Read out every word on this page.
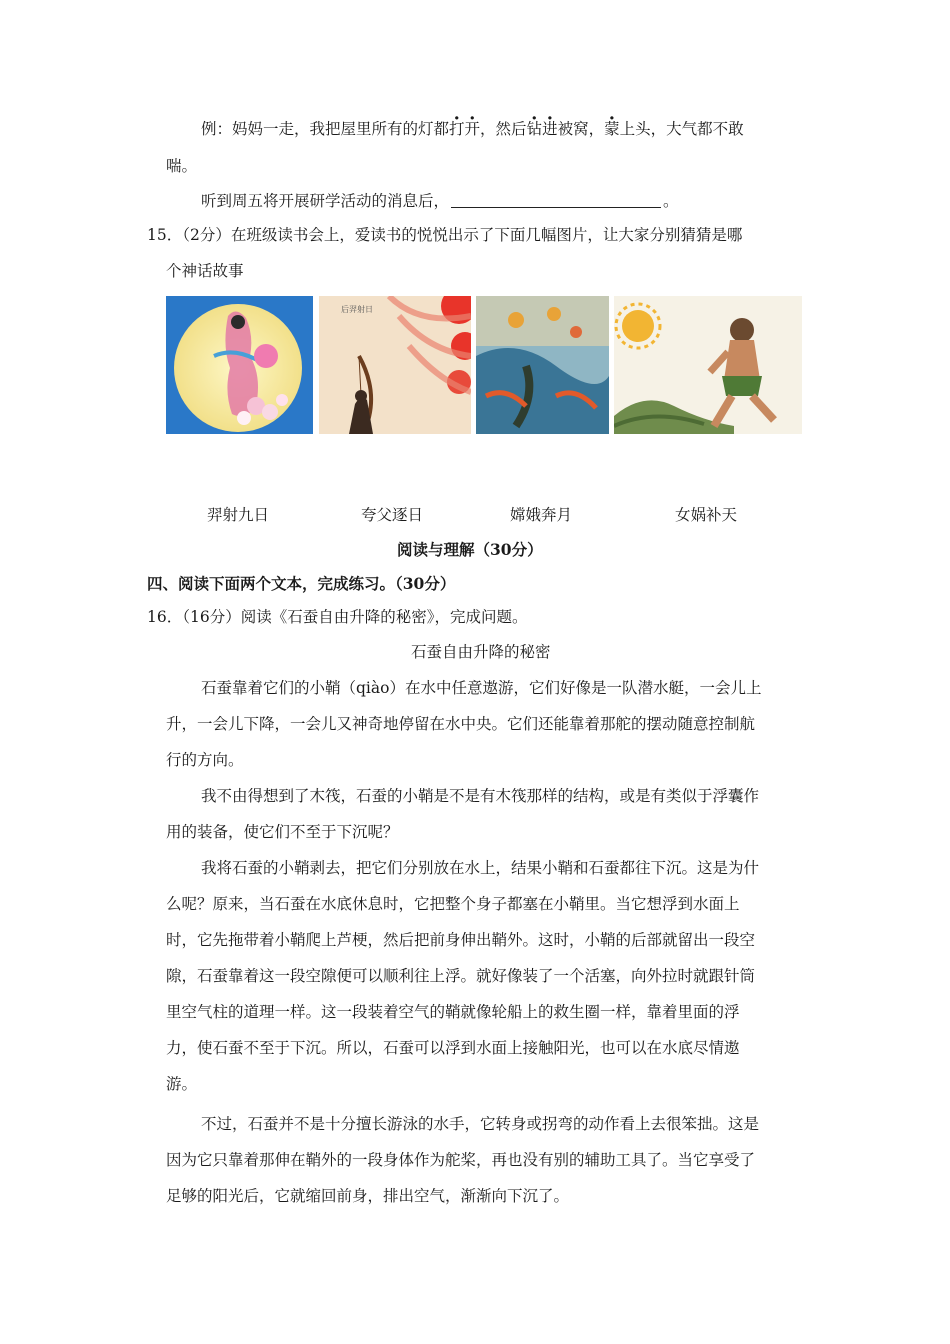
例：妈妈一走，我把屋里所有的灯都打开，然后钻进被窝，蒙上头，大气都不敢
喘。
听到周五将开展研学活动的消息后，	。
15．（2分）在班级读书会上，爱读书的悦悦出示了下面几幅图片，让大家分别猜猜是哪
个神话故事
后羿射日
羿射九日	夸父逐日	嫦娥奔月	女娲补天
阅读与理解（30分）
四、阅读下面两个文本，完成练习。（30分）
16．（16分）阅读《石蚕自由升降的秘密》，完成问题。
石蚕自由升降的秘密
石蚕靠着它们的小鞘（qiào）在水中任意遨游，它们好像是一队潜水艇，一会儿上
升，一会儿下降，一会儿又神奇地停留在水中央。它们还能靠着那舵的摆动随意控制航
行的方向。
我不由得想到了木筏，石蚕的小鞘是不是有木筏那样的结构，或是有类似于浮囊作
用的装备，使它们不至于下沉呢？
我将石蚕的小鞘剥去，把它们分别放在水上，结果小鞘和石蚕都往下沉。这是为什
么呢？原来，当石蚕在水底休息时，它把整个身子都塞在小鞘里。当它想浮到水面上
时，它先拖带着小鞘爬上芦梗，然后把前身伸出鞘外。这时，小鞘的后部就留出一段空
隙，石蚕靠着这一段空隙便可以顺利往上浮。就好像装了一个活塞，向外拉时就跟针筒
里空气柱的道理一样。这一段装着空气的鞘就像轮船上的救生圈一样，靠着里面的浮
力，使石蚕不至于下沉。所以，石蚕可以浮到水面上接触阳光，也可以在水底尽情遨
游。
不过，石蚕并不是十分擅长游泳的水手，它转身或拐弯的动作看上去很笨拙。这是
因为它只靠着那伸在鞘外的一段身体作为舵桨，再也没有别的辅助工具了。当它享受了
足够的阳光后，它就缩回前身，排出空气，渐渐向下沉了。
